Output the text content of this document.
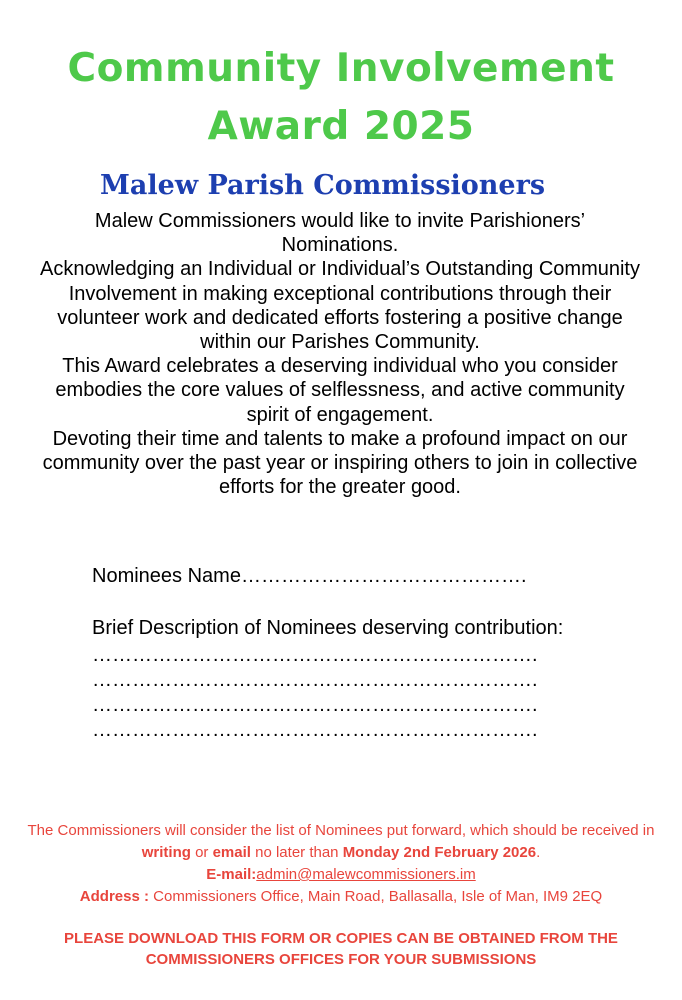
Community Involvement
Award 2025
Malew Parish Commissioners

Malew Commissioners would like to invite Parishioners’ Nominations.

Acknowledging an Individual or Individual’s Outstanding Community Involvement in making exceptional contributions through their volunteer work and dedicated efforts fostering a positive change within our Parishes Community.

This Award celebrates a deserving individual who you consider embodies the core values of selflessness, and active community spirit of engagement.

Devoting their time and talents to make a profound impact on our community over the past year or inspiring others to join in collective efforts for the greater good.

Nominees Name…………………………………….
Brief Description of Nominees deserving contribution:
………………………………………………………….
………………………………………………………….
………………………………………………………….
………………………………………………………….

The Commissioners will consider the list of Nominees put forward, which should be received in writing or email no later than Monday 2nd February 2026.

E-mail:admin@malewcommissioners.im

Address : Commissioners Office, Main Road, Ballasalla, Isle of Man, IM9 2EQ

PLEASE DOWNLOAD THIS FORM OR COPIES CAN BE OBTAINED FROM THE COMMISSIONERS OFFICES FOR YOUR SUBMISSIONS
